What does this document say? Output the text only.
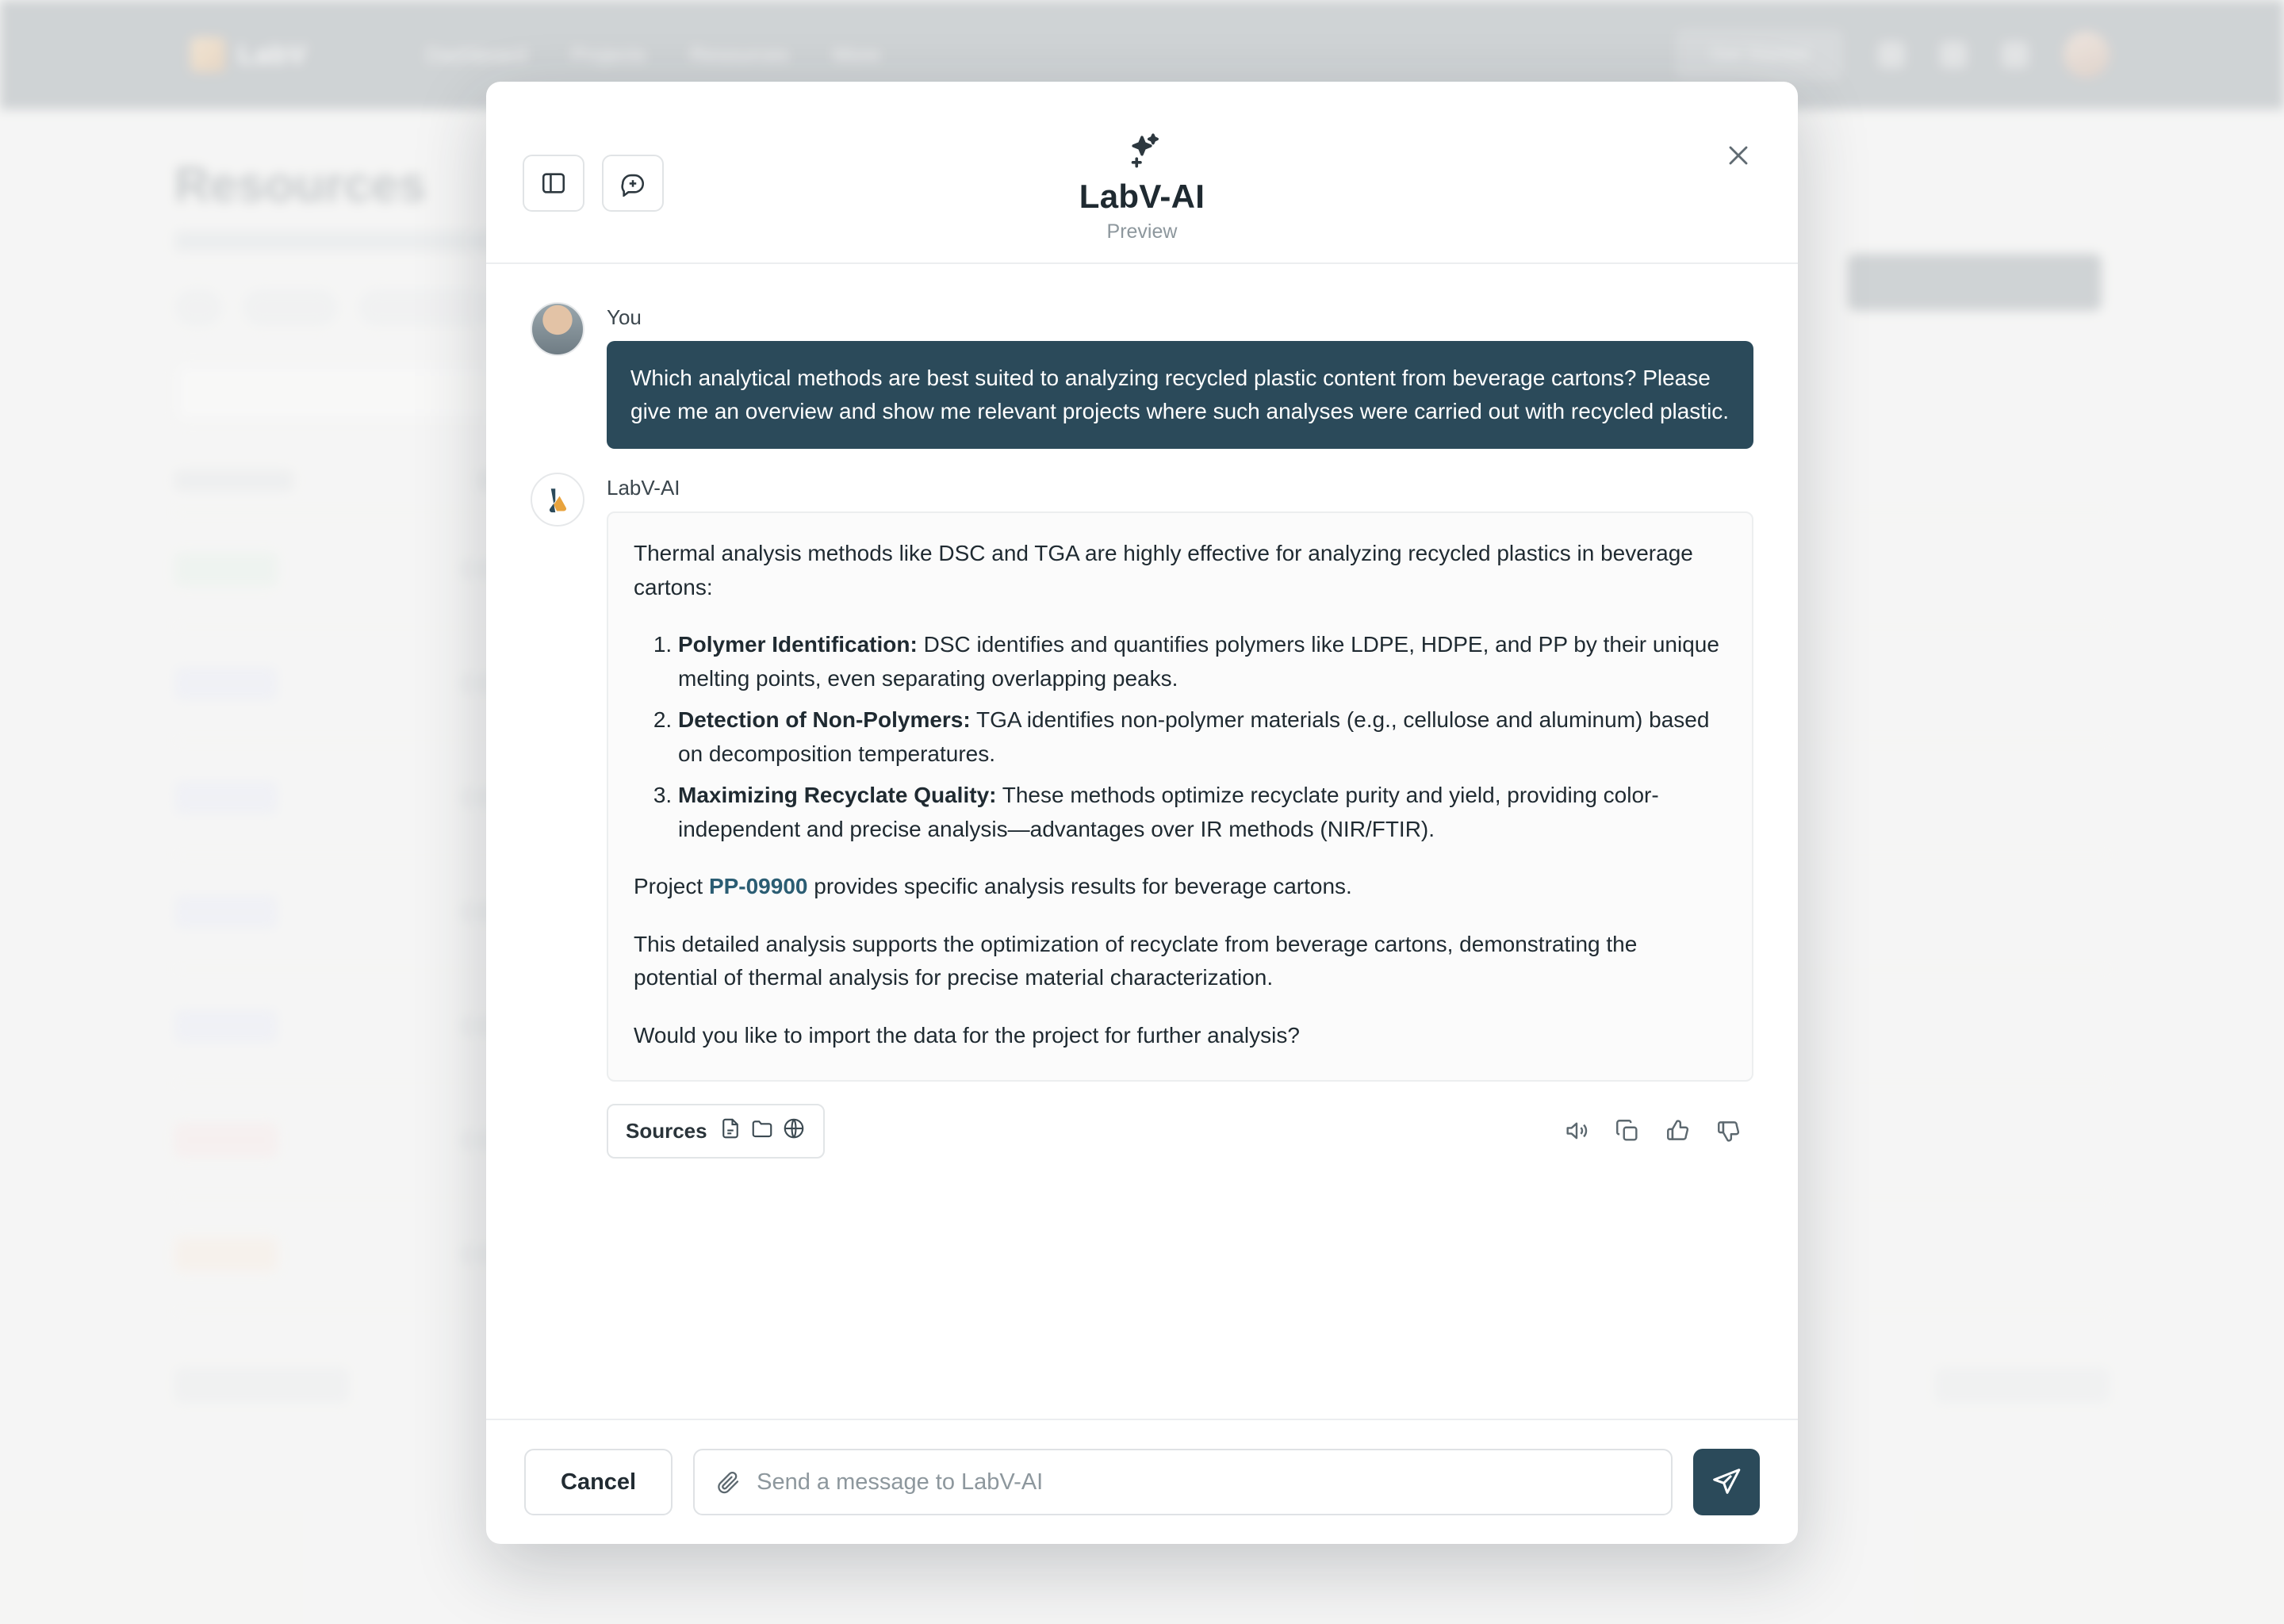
LabV-AI
Preview
You
Which analytical methods are best suited to analyzing recycled plastic content from beverage cartons? Please give me an overview and show me relevant projects where such analyses were carried out with recycled plastic.
LabV-AI

Thermal analysis methods like DSC and TGA are highly effective for analyzing recycled plastics in beverage cartons:

1. Polymer Identification: DSC identifies and quantifies polymers like LDPE, HDPE, and PP by their unique melting points, even separating overlapping peaks.
2. Detection of Non-Polymers: TGA identifies non-polymer materials (e.g., cellulose and aluminum) based on decomposition temperatures.
3. Maximizing Recyclate Quality: These methods optimize recyclate purity and yield, providing color-independent and precise analysis—advantages over IR methods (NIR/FTIR).

Project PP-09900 provides specific analysis results for beverage cartons.

This detailed analysis supports the optimization of recyclate from beverage cartons, demonstrating the potential of thermal analysis for precise material characterization.

Would you like to import the data for the project for further analysis?

Sources
Cancel
Send a message to LabV-AI
